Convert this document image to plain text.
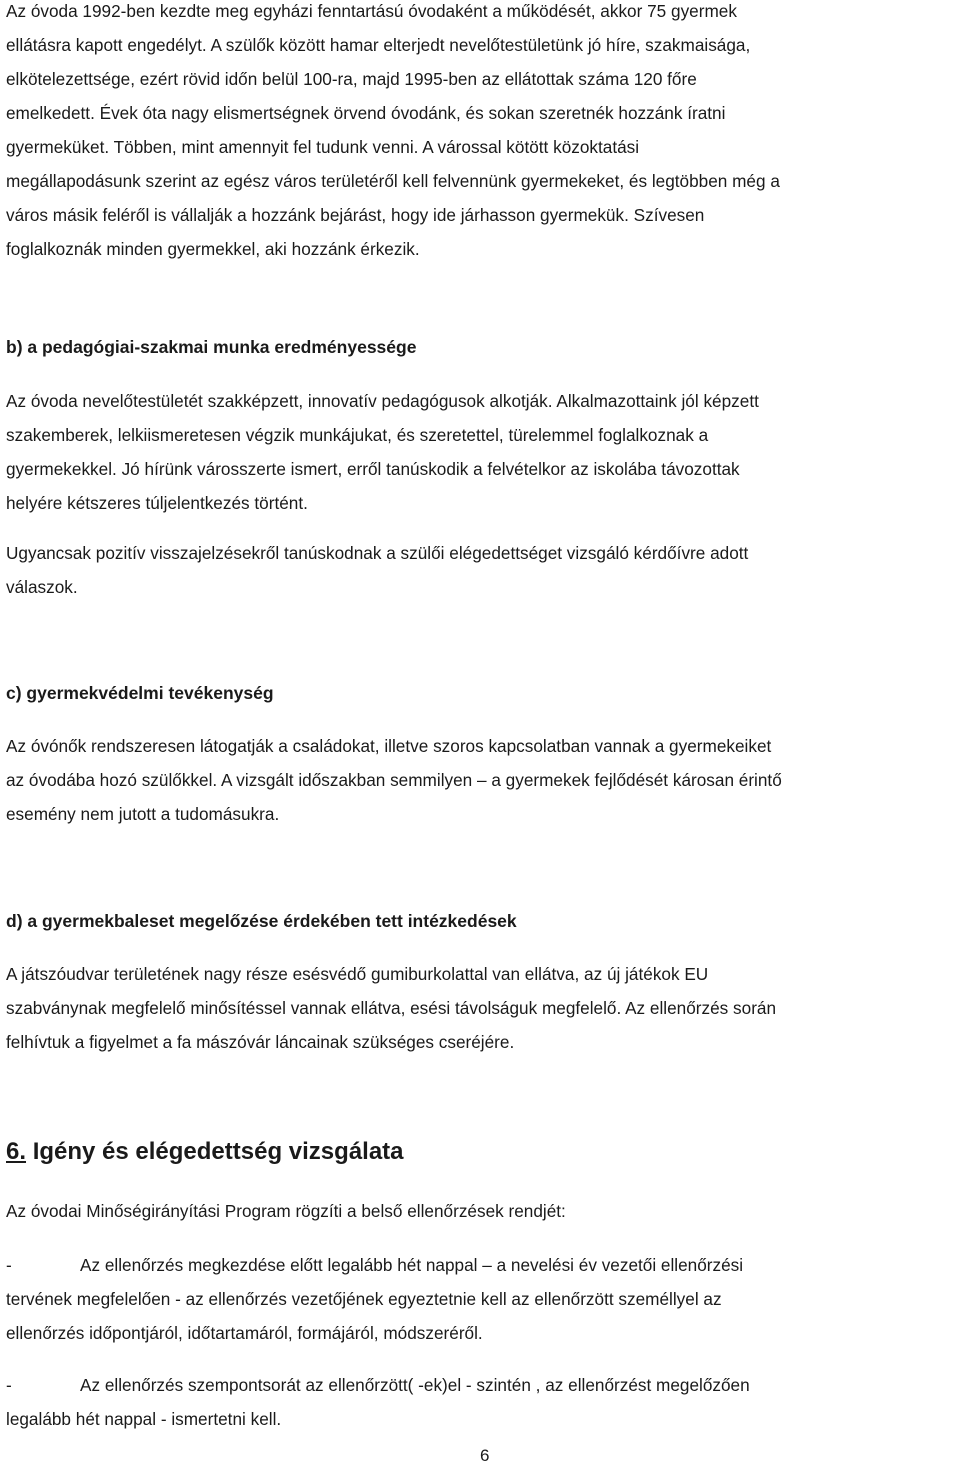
Az óvoda 1992-ben kezdte meg egyházi fenntartású óvodaként a működését, akkor 75 gyermek

ellátásra kapott engedélyt. A szülők között hamar elterjedt nevelőtestületünk jó híre, szakmaisága,

elkötelezettsége, ezért rövid időn belül 100-ra, majd 1995-ben az ellátottak száma 120 főre

emelkedett. Évek óta nagy elismertségnek örvend óvodánk, és sokan szeretnék hozzánk íratni

gyermeküket. Többen, mint amennyit fel tudunk venni. A várossal kötött közoktatási

megállapodásunk szerint az egész város területéről kell felvennünk gyermekeket, és legtöbben még a

város másik feléről is vállalják a hozzánk bejárást, hogy ide járhasson gyermekük. Szívesen

foglalkoznák minden gyermekkel, aki hozzánk érkezik.

b) a pedagógiai-szakmai munka eredményessége

Az óvoda nevelőtestületét szakképzett, innovatív pedagógusok alkotják. Alkalmazottaink jól képzett

szakemberek, lelkiismeretesen végzik munkájukat, és szeretettel, türelemmel foglalkoznak a

gyermekekkel. Jó hírünk városszerte ismert, erről tanúskodik a felvételkor az iskolába távozottak

helyére kétszeres túljelentkezés történt.

Ugyancsak pozitív visszajelzésekről tanúskodnak a szülői elégedettséget vizsgáló kérdőívre adott

válaszok.

c) gyermekvédelmi tevékenység

Az óvónők rendszeresen látogatják a családokat, illetve szoros kapcsolatban vannak a gyermekeiket

az óvodába hozó szülőkkel. A vizsgált időszakban semmilyen – a gyermekek fejlődését károsan érintő

esemény nem jutott a tudomásukra.

d) a gyermekbaleset megelőzése érdekében tett intézkedések

A játszóudvar területének nagy része esésvédő gumiburkolattal van ellátva, az új játékok EU

szabványnak megfelelő minősítéssel vannak ellátva, esési távolságuk megfelelő. Az ellenőrzés során

felhívtuk a figyelmet a fa mászóvár láncainak szükséges cseréjére.

6. Igény és elégedettség vizsgálata

Az óvodai Minőségirányítási Program rögzíti a belső ellenőrzések rendjét:

-	Az ellenőrzés megkezdése előtt legalább hét nappal – a nevelési év vezetői ellenőrzési

tervének megfelelően - az ellenőrzés vezetőjének egyeztetnie kell az ellenőrzött személlyel az

ellenőrzés időpontjáról, időtartamáról, formájáról, módszeréről.

-	Az ellenőrzés szempontsorát az ellenőrzött( -ek)el - szintén , az ellenőrzést megelőzően

legalább hét nappal - ismertetni kell.

6
